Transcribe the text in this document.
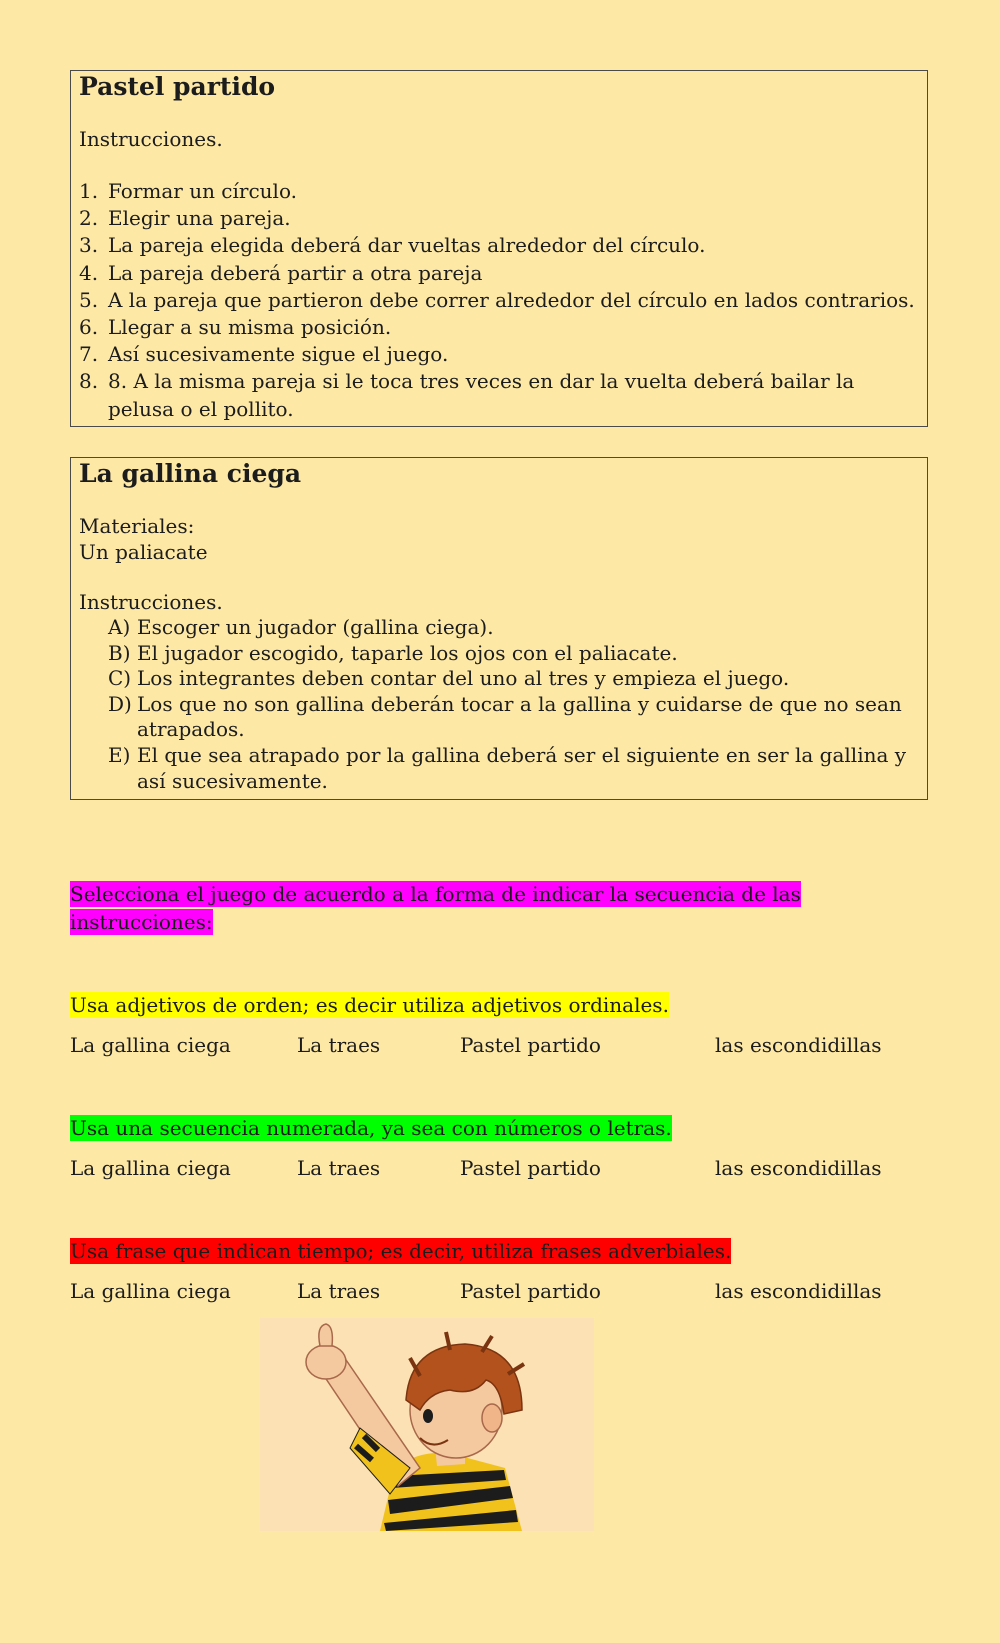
Pastel partido
Instrucciones.
1. Formar un círculo.
2. Elegir una pareja.
3. La pareja elegida deberá dar vueltas alrededor del círculo.
4. La pareja deberá partir a otra pareja
5. A la pareja que partieron debe correr alrededor del círculo en lados contrarios.
6. Llegar a su misma posición.
7. Así sucesivamente sigue el juego.
8. 8. A la misma pareja si le toca tres veces en dar la vuelta deberá bailar la pelusa o el pollito.
La gallina ciega
Materiales:
Un paliacate
Instrucciones.
A) Escoger un jugador (gallina ciega).
B) El jugador escogido, taparle los ojos con el paliacate.
C) Los integrantes deben contar del uno al tres y empieza el juego.
D) Los que no son gallina deberán tocar a la gallina y cuidarse de que no sean atrapados.
E) El que sea atrapado por la gallina deberá ser el siguiente en ser la gallina y así sucesivamente.
Selecciona el juego de acuerdo a la forma de indicar la secuencia de las
instrucciones:
Usa adjetivos de orden; es decir utiliza adjetivos ordinales.
La gallina ciega	La traes	Pastel partido	las escondidillas
Usa una secuencia numerada, ya sea con números o letras.
La gallina ciega	La traes	Pastel partido	las escondidillas
Usa frase que indican tiempo; es decir, utiliza frases adverbiales.
La gallina ciega	La traes	Pastel partido	las escondidillas
